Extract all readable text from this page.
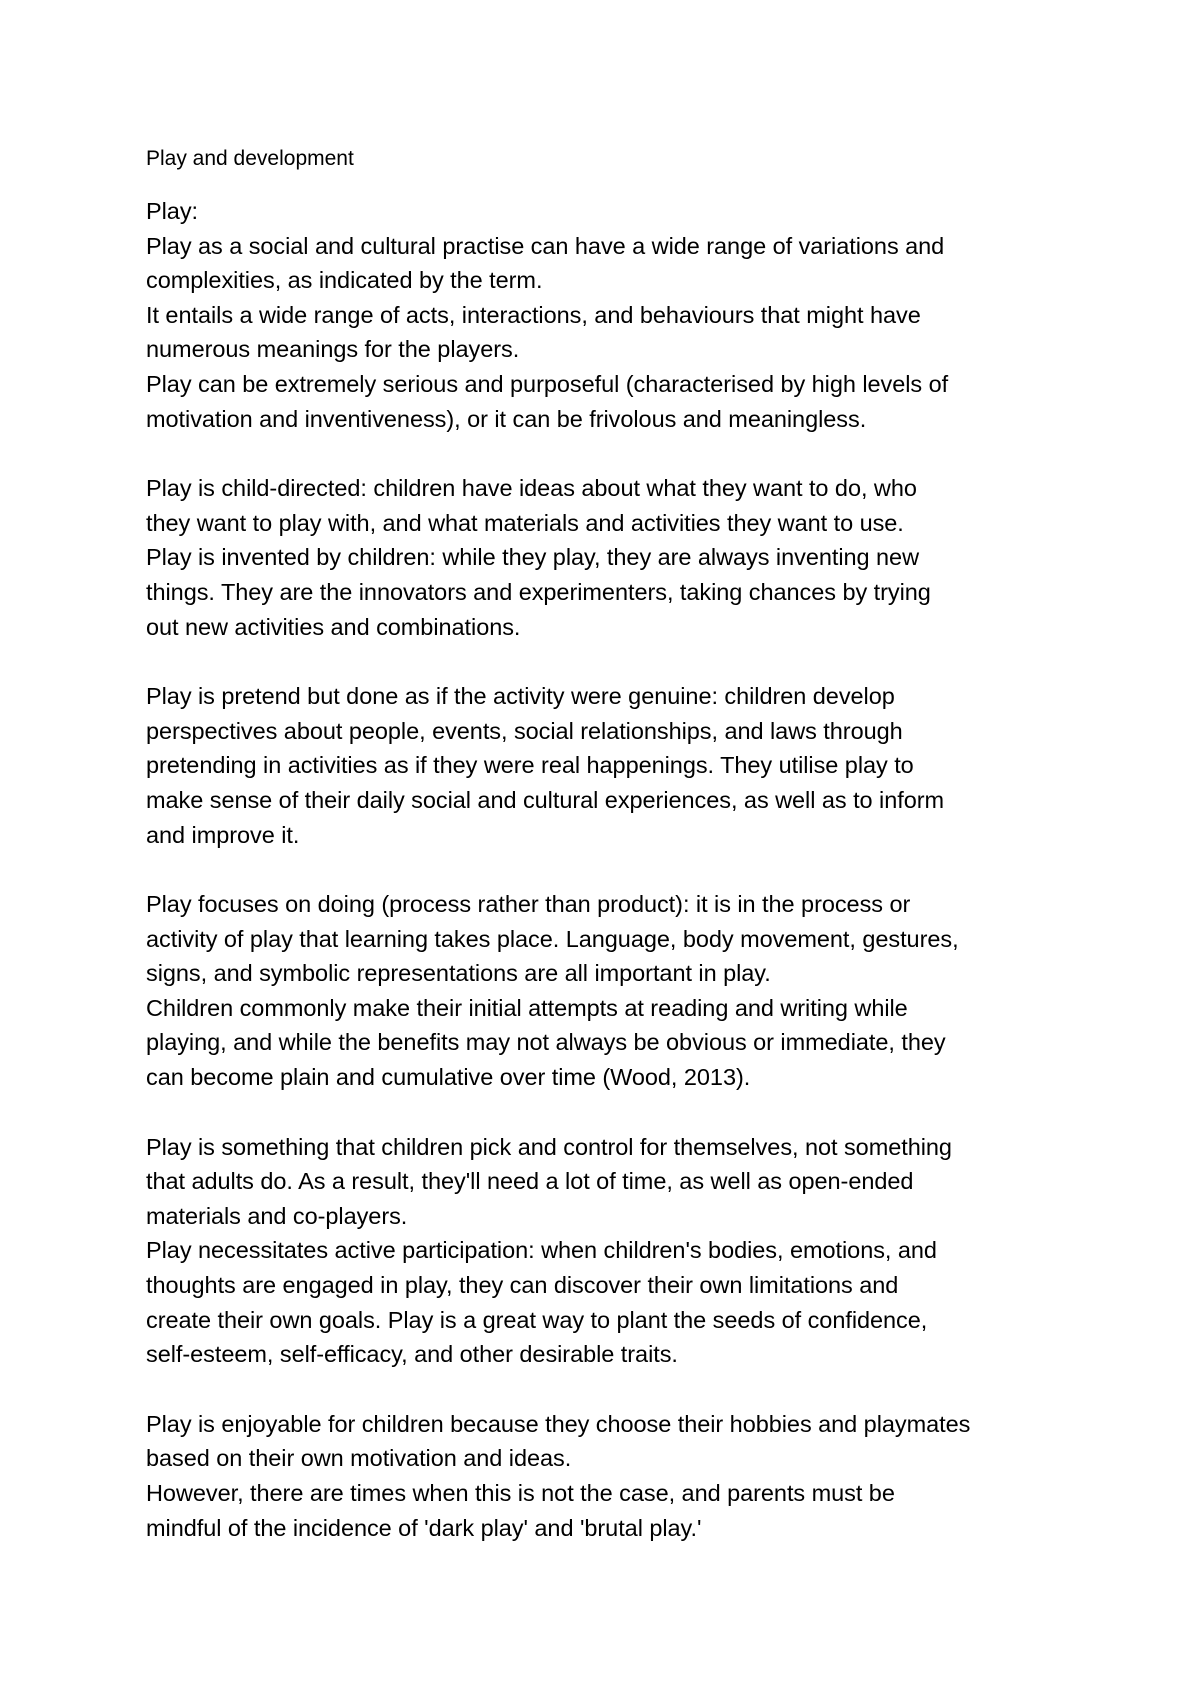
Play and development
Play:
Play as a social and cultural practise can have a wide range of variations and
complexities, as indicated by the term.
It entails a wide range of acts, interactions, and behaviours that might have
numerous meanings for the players.
Play can be extremely serious and purposeful (characterised by high levels of
motivation and inventiveness), or it can be frivolous and meaningless.
Play is child-directed: children have ideas about what they want to do, who
they want to play with, and what materials and activities they want to use.
Play is invented by children: while they play, they are always inventing new
things. They are the innovators and experimenters, taking chances by trying
out new activities and combinations.
Play is pretend but done as if the activity were genuine: children develop
perspectives about people, events, social relationships, and laws through
pretending in activities as if they were real happenings. They utilise play to
make sense of their daily social and cultural experiences, as well as to inform
and improve it.
Play focuses on doing (process rather than product): it is in the process or
activity of play that learning takes place. Language, body movement, gestures,
signs, and symbolic representations are all important in play.
Children commonly make their initial attempts at reading and writing while
playing, and while the benefits may not always be obvious or immediate, they
can become plain and cumulative over time (Wood, 2013).
Play is something that children pick and control for themselves, not something
that adults do. As a result, they'll need a lot of time, as well as open-ended
materials and co-players.
Play necessitates active participation: when children's bodies, emotions, and
thoughts are engaged in play, they can discover their own limitations and
create their own goals. Play is a great way to plant the seeds of confidence,
self-esteem, self-efficacy, and other desirable traits.
Play is enjoyable for children because they choose their hobbies and playmates
based on their own motivation and ideas.
However, there are times when this is not the case, and parents must be
mindful of the incidence of 'dark play' and 'brutal play.'
